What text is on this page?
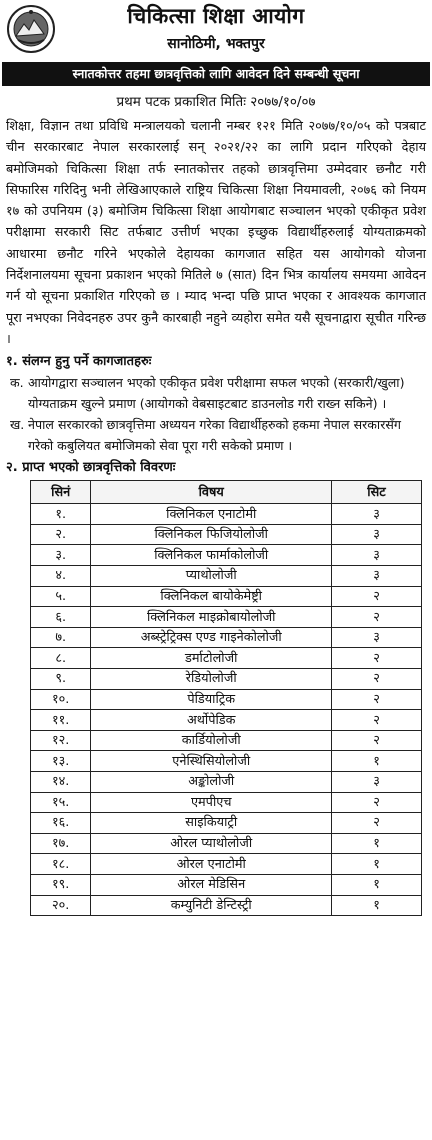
चिकित्सा शिक्षा आयोग
सानोठिमी, भक्तपुर
स्नातकोत्तर तहमा छात्रवृत्तिको लागि आवेदन दिने सम्बन्धी सूचना
प्रथम पटक प्रकाशित मितिः २०७७/१०/०७

शिक्षा, विज्ञान तथा प्रविधि मन्त्रालयको चलानी नम्बर १२१ मिति २०७७/१०/०५ को पत्रबाट चीन सरकारबाट नेपाल सरकारलाई सन् २०२१/२२ का लागि प्रदान गरिएको देहाय बमोजिमको चिकित्सा शिक्षा तर्फ स्नातकोत्तर तहको छात्रवृत्तिमा उम्मेदवार छनौट गरी सिफारिस गरिदिनु भनी लेखिआएकाले राष्ट्रिय चिकित्सा शिक्षा नियमावली, २०७६ को नियम १७ को उपनियम (३) बमोजिम चिकित्सा शिक्षा आयोगबाट सञ्चालन भएको एकीकृत प्रवेश परीक्षामा सरकारी सिट तर्फबाट उत्तीर्ण भएका इच्छुक विद्यार्थीहरुलाई योग्यताक्रमको आधारमा छनौट गरिने भएकोले देहायका कागजात सहित यस आयोगको योजना निर्देशनालयमा सूचना प्रकाशन भएको मितिले ७ (सात) दिन भित्र कार्यालय समयमा आवेदन गर्न यो सूचना प्रकाशित गरिएको छ । म्याद भन्दा पछि प्राप्त भएका र आवश्यक कागजात पूरा नभएका निवेदनहरु उपर कुनै कारबाही नहुने व्यहोरा समेत यसै सूचनाद्वारा सूचीत गरिन्छ ।

१. संलग्न हुनु पर्ने कागजातहरुः
क. आयोगद्वारा सञ्चालन भएको एकीकृत प्रवेश परीक्षामा सफल भएको (सरकारी/खुला) योग्यताक्रम खुल्ने प्रमाण (आयोगको वेबसाइटबाट डाउनलोड गरी राख्न सकिने) ।
ख. नेपाल सरकारको छात्रवृत्तिमा अध्ययन गरेका विद्यार्थीहरुको हकमा नेपाल सरकारसँग गरेको कबुलियत बमोजिमको सेवा पूरा गरी सकेको प्रमाण ।
२. प्राप्त भएको छात्रवृत्तिको विवरणः
सिनं	विषय	सिट
१.	क्लिनिकल एनाटोमी	३
२.	क्लिनिकल फिजियोलोजी	३
३.	क्लिनिकल फार्माकोलोजी	३
४.	प्याथोलोजी	३
५.	क्लिनिकल बायोकेमेष्ट्री	२
६.	क्लिनिकल माइक्रोबायोलोजी	२
७.	अब्स्ट्रेट्रिक्स एण्ड गाइनेकोलोजी	३
८.	डर्माटोलोजी	२
९.	रेडियोलोजी	२
१०.	पेडियाट्रिक	२
११.	अर्थोपेडिक	२
१२.	कार्डियोलोजी	२
१३.	एनेस्थिसियोलोजी	१
१४.	अङ्कोलोजी	३
१५.	एमपीएच	२
१६.	साइकियाट्री	२
१७.	ओरल प्याथोलोजी	१
१८.	ओरल एनाटोमी	१
१९.	ओरल मेडिसिन	१
२०.	कम्युनिटी डेन्टिस्ट्री	१
